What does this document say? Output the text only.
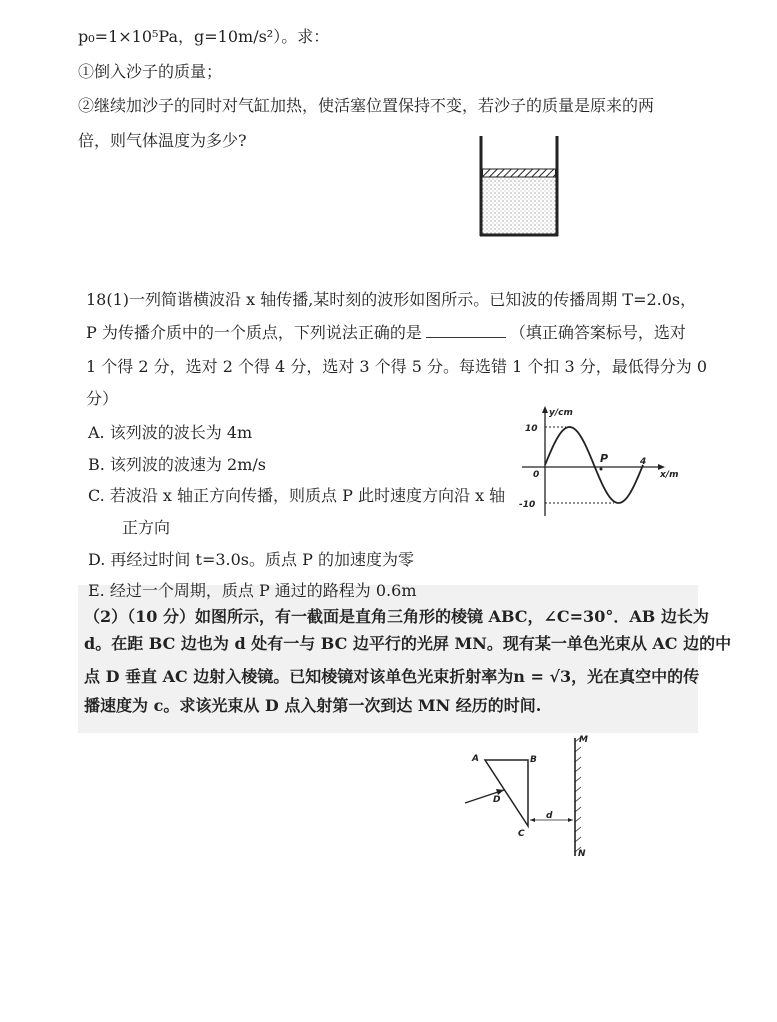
p₀=1×10⁵Pa，g=10m/s²）。求：
①倒入沙子的质量；
②继续加沙子的同时对气缸加热，使活塞位置保持不变，若沙子的质量是原来的两
倍，则气体温度为多少?
18(1)一列简谐横波沿 x 轴传播,某时刻的波形如图所示。已知波的传播周期 T=2.0s，
P 为传播介质中的一个质点，下列说法正确的是	（填正确答案标号，选对
1 个得 2 分，选对 2 个得 4 分，选对 3 个得 5 分。每选错 1 个扣 3 分，最低得分为 0
分）
A. 该列波的波长为 4m
B. 该列波的波速为 2m/s
C. 若波沿 x 轴正方向传播，则质点 P 此时速度方向沿 x 轴
正方向
D. 再经过时间 t=3.0s。质点 P 的加速度为零
E. 经过一个周期，质点 P 通过的路程为 0.6m
y/cm
x/m
10
-10
0
4
P
（2）（10 分）如图所示，有一截面是直角三角形的棱镜 ABC，∠C=30°．AB 边长为
d。在距 BC 边也为 d 处有一与 BC 边平行的光屏 MN。现有某一单色光束从 AC 边的中
点 D 垂直 AC 边射入棱镜。已知棱镜对该单色光束折射率为n = √3，光在真空中的传
播速度为 c。求该光束从 D 点入射第一次到达 MN 经历的时间.
A	B
C
D
M
N
d
